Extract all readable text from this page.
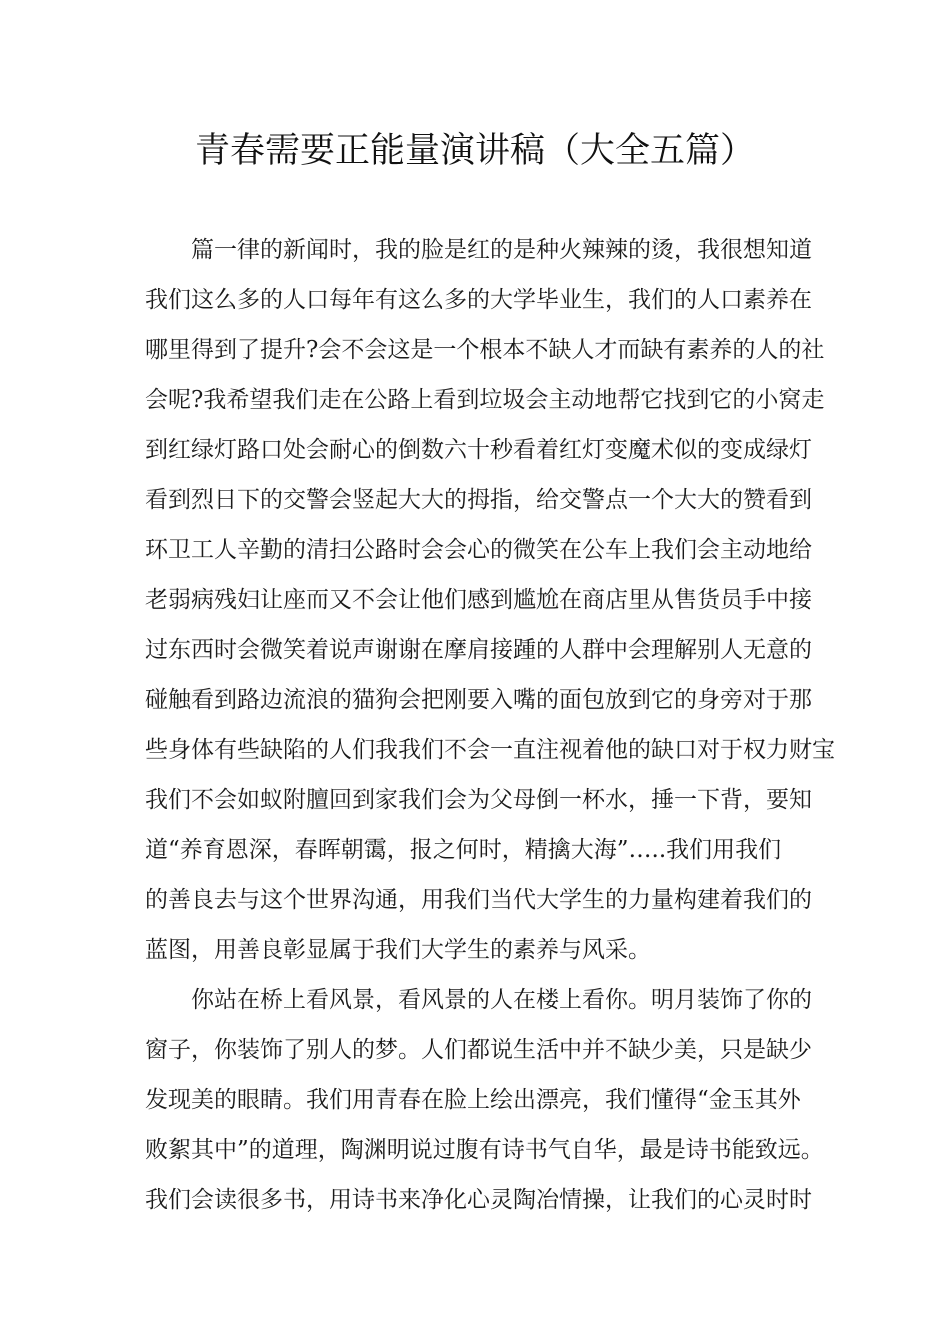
青春需要正能量演讲稿（大全五篇）
篇一律的新闻时，我的脸是红的是种火辣辣的烫，我很想知道
我们这么多的人口每年有这么多的大学毕业生，我们的人口素养在
哪里得到了提升?会不会这是一个根本不缺人才而缺有素养的人的社
会呢?我希望我们走在公路上看到垃圾会主动地帮它找到它的小窝走
到红绿灯路口处会耐心的倒数六十秒看着红灯变魔术似的变成绿灯
看到烈日下的交警会竖起大大的拇指，给交警点一个大大的赞看到
环卫工人辛勤的清扫公路时会会心的微笑在公车上我们会主动地给
老弱病残妇让座而又不会让他们感到尴尬在商店里从售货员手中接
过东西时会微笑着说声谢谢在摩肩接踵的人群中会理解别人无意的
碰触看到路边流浪的猫狗会把刚要入嘴的面包放到它的身旁对于那
些身体有些缺陷的人们我我们不会一直注视着他的缺口对于权力财宝
我们不会如蚁附膻回到家我们会为父母倒一杯水，捶一下背，要知
道“养育恩深，春晖朝霭，报之何时，精擒大海”…..我们用我们
的善良去与这个世界沟通，用我们当代大学生的力量构建着我们的
蓝图，用善良彰显属于我们大学生的素养与风采。
你站在桥上看风景，看风景的人在楼上看你。明月装饰了你的
窗子，你装饰了别人的梦。人们都说生活中并不缺少美，只是缺少
发现美的眼睛。我们用青春在脸上绘出漂亮，我们懂得“金玉其外
败絮其中”的道理，陶渊明说过腹有诗书气自华，最是诗书能致远。
我们会读很多书，用诗书来净化心灵陶冶情操，让我们的心灵时时
